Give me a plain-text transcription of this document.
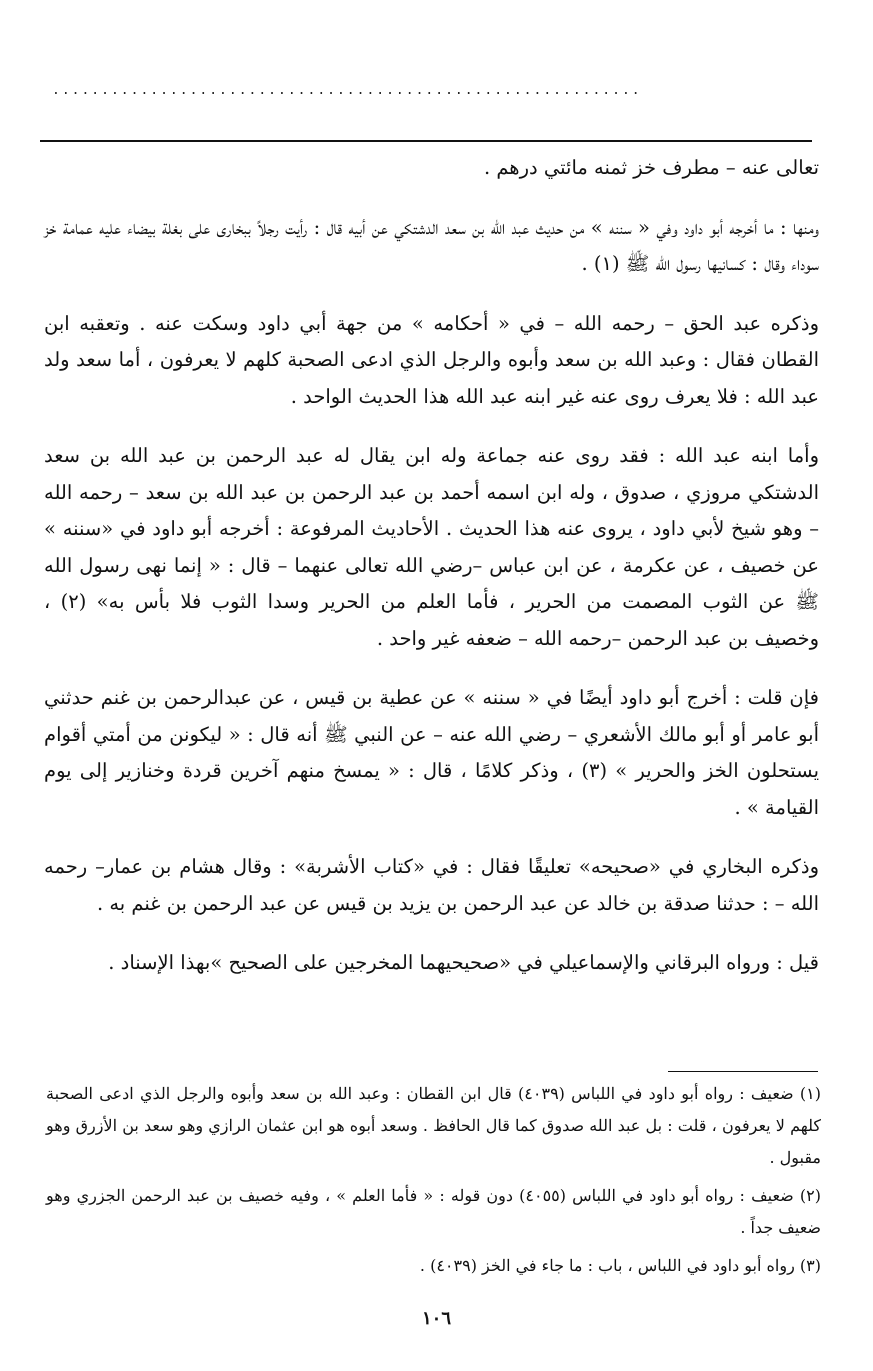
............................................................

تعالى عنه – مطرف خز ثمنه مائتي درهم .

ومنها : ما أخرجه أبو داود وفي « سننه » من حديث عبد الله بن سعد الدشتكي عن أبيه قال : رأيت رجلاً ببخارى على بغلة بيضاء عليه عمامة خز سوداء وقال : كسانيها رسول الله ﷺ (١) .

وذكره عبد الحق – رحمه الله – في « أحكامه » من جهة أبي داود وسكت عنه . وتعقبه ابن القطان فقال : وعبد الله بن سعد وأبوه والرجل الذي ادعى الصحبة كلهم لا يعرفون ، أما سعد ولد عبد الله : فلا يعرف روى عنه غير ابنه عبد الله هذا الحديث الواحد .

وأما ابنه عبد الله : فقد روى عنه جماعة وله ابن يقال له عبد الرحمن بن عبد الله بن سعد الدشتكي مروزي ، صدوق ، وله ابن اسمه أحمد بن عبد الرحمن بن عبد الله بن سعد – رحمه الله – وهو شيخ لأبي داود ، يروى عنه هذا الحديث . الأحاديث المرفوعة : أخرجه أبو داود في «سننه » عن خصيف ، عن عكرمة ، عن ابن عباس –رضي الله تعالى عنهما – قال : « إنما نهى رسول الله ﷺ عن الثوب المصمت من الحرير ، فأما العلم من الحرير وسدا الثوب فلا بأس به» (٢) ، وخصيف بن عبد الرحمن –رحمه الله – ضعفه غير واحد .

فإن قلت : أخرج أبو داود أيضًا في « سننه » عن عطية بن قيس ، عن عبدالرحمن بن غنم حدثني أبو عامر أو أبو مالك الأشعري – رضي الله عنه – عن النبي ﷺ أنه قال : « ليكونن من أمتي أقوام يستحلون الخز والحرير » (٣) ، وذكر كلامًا ، قال : « يمسخ منهم آخرين قردة وخنازير إلى يوم القيامة » .

وذكره البخاري في «صحيحه» تعليقًا فقال : في «كتاب الأشربة» : وقال هشام بن عمار– رحمه الله – : حدثنا صدقة بن خالد عن عبد الرحمن بن يزيد بن قيس عن عبد الرحمن بن غنم به .

قيل : ورواه البرقاني والإسماعيلي في «صحيحيهما المخرجين على الصحيح »بهذا الإسناد .

(١) ضعيف : رواه أبو داود في اللباس (٤٠٣٩) قال ابن القطان : وعبد الله بن سعد وأبوه والرجل الذي ادعى الصحبة كلهم لا يعرفون ، قلت : بل عبد الله صدوق كما قال الحافظ . وسعد أبوه هو ابن عثمان الرازي وهو سعد بن الأزرق وهو مقبول .

(٢) ضعيف : رواه أبو داود في اللباس (٤٠٥٥) دون قوله : « فأما العلم » ، وفيه خصيف بن عبد الرحمن الجزري وهو ضعيف جداً .

(٣) رواه أبو داود في اللباس ، باب : ما جاء في الخز (٤٠٣٩) .

١٠٦
